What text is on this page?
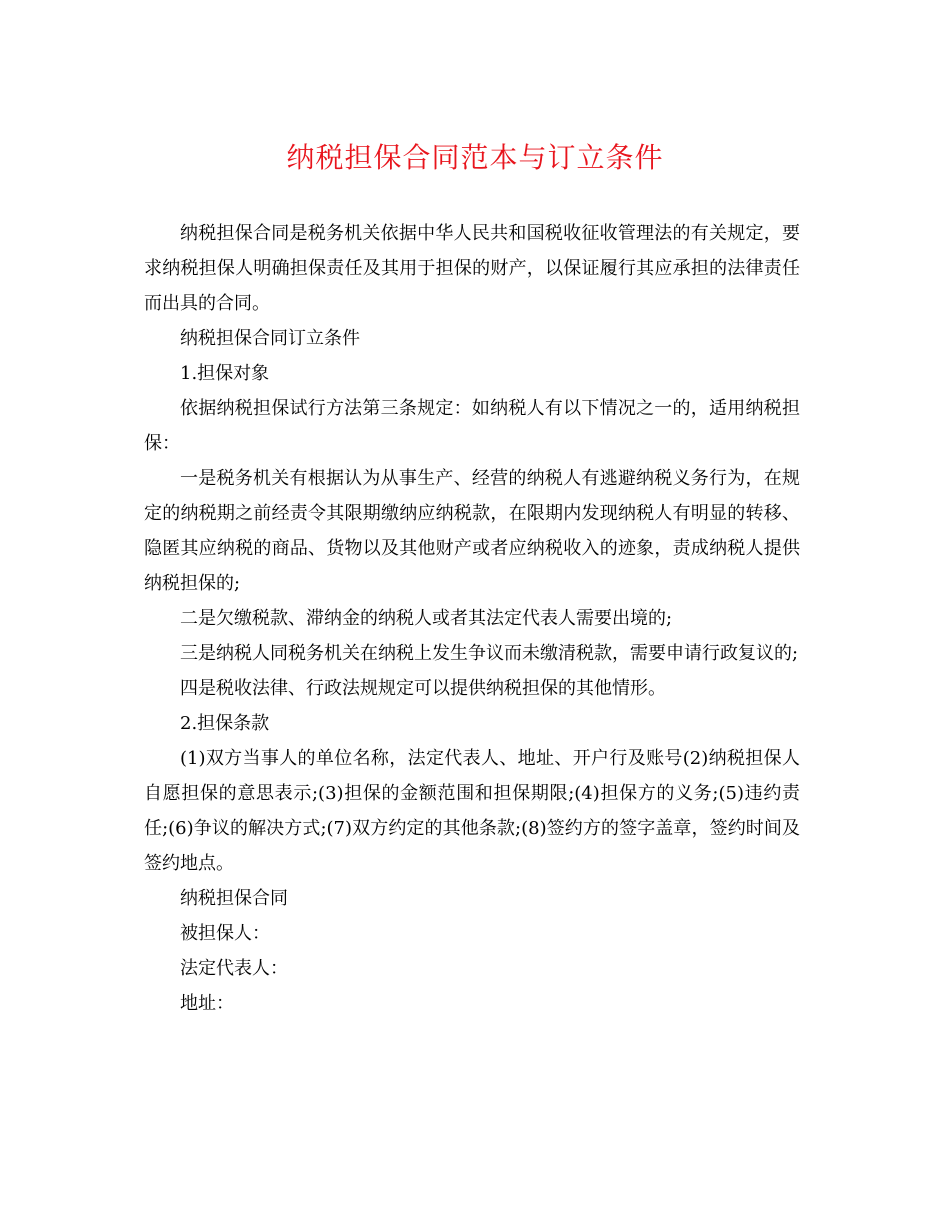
纳税担保合同范本与订立条件

纳税担保合同是税务机关依据中华人民共和国税收征收管理法的有关规定，要求纳税担保人明确担保责任及其用于担保的财产，以保证履行其应承担的法律责任而出具的合同。

纳税担保合同订立条件

1.担保对象

依据纳税担保试行方法第三条规定：如纳税人有以下情况之一的，适用纳税担保：

一是税务机关有根据认为从事生产、经营的纳税人有逃避纳税义务行为，在规定的纳税期之前经责令其限期缴纳应纳税款，在限期内发现纳税人有明显的转移、隐匿其应纳税的商品、货物以及其他财产或者应纳税收入的迹象，责成纳税人提供纳税担保的;

二是欠缴税款、滞纳金的纳税人或者其法定代表人需要出境的;

三是纳税人同税务机关在纳税上发生争议而未缴清税款，需要申请行政复议的;

四是税收法律、行政法规规定可以提供纳税担保的其他情形。

2.担保条款

(1)双方当事人的单位名称，法定代表人、地址、开户行及账号(2)纳税担保人自愿担保的意思表示;(3)担保的金额范围和担保期限;(4)担保方的义务;(5)违约责任;(6)争议的解决方式;(7)双方约定的其他条款;(8)签约方的签字盖章，签约时间及签约地点。

纳税担保合同

被担保人：

法定代表人：

地址：
